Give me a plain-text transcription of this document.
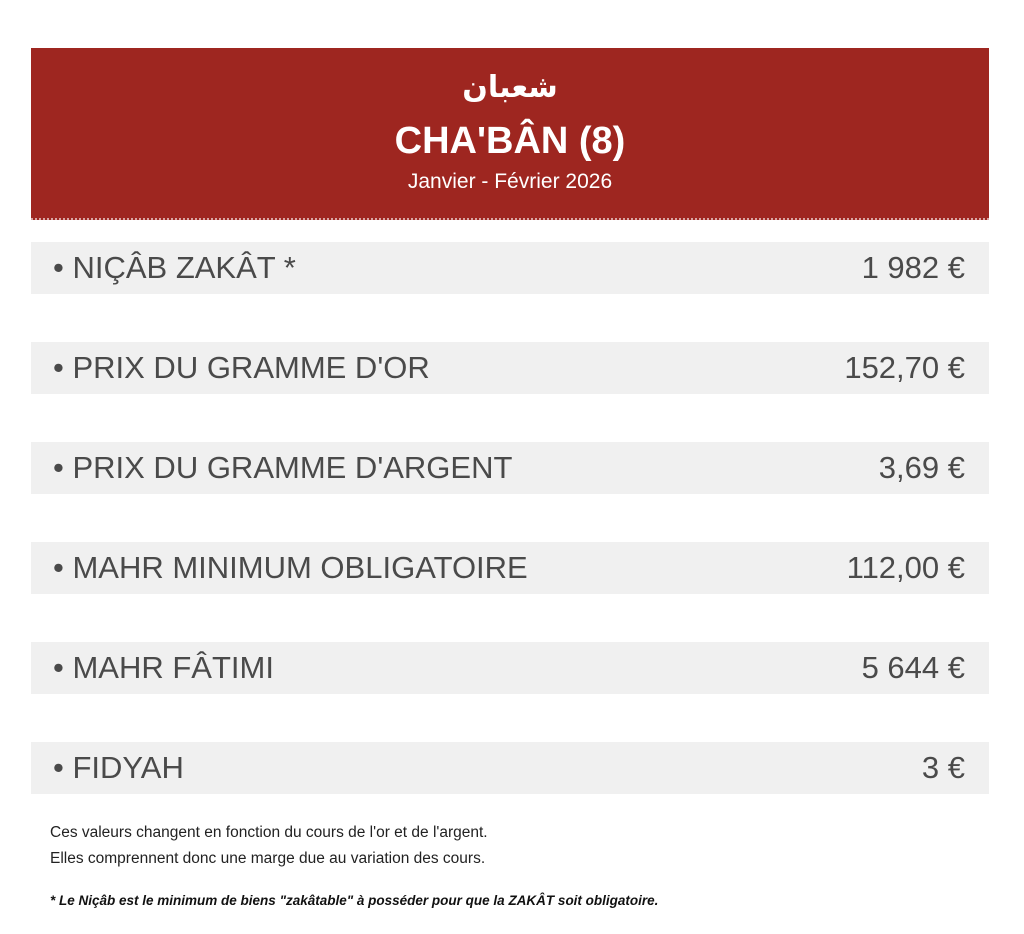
شعبان
CHA'BÂN (8)
Janvier - Février 2026
• NIÇÂB ZAKÂT *	1 982 €
• PRIX DU GRAMME D'OR	152,70 €
• PRIX DU GRAMME D'ARGENT	3,69 €
• MAHR MINIMUM OBLIGATOIRE	112,00 €
• MAHR FÂTIMI	5 644 €
• FIDYAH	3 €
Ces valeurs changent en fonction du cours de l'or et de l'argent.
Elles comprennent donc une marge due au variation des cours.
* Le Niçâb est le minimum de biens "zakâtable" à posséder pour que la ZAKÂT soit obligatoire.
